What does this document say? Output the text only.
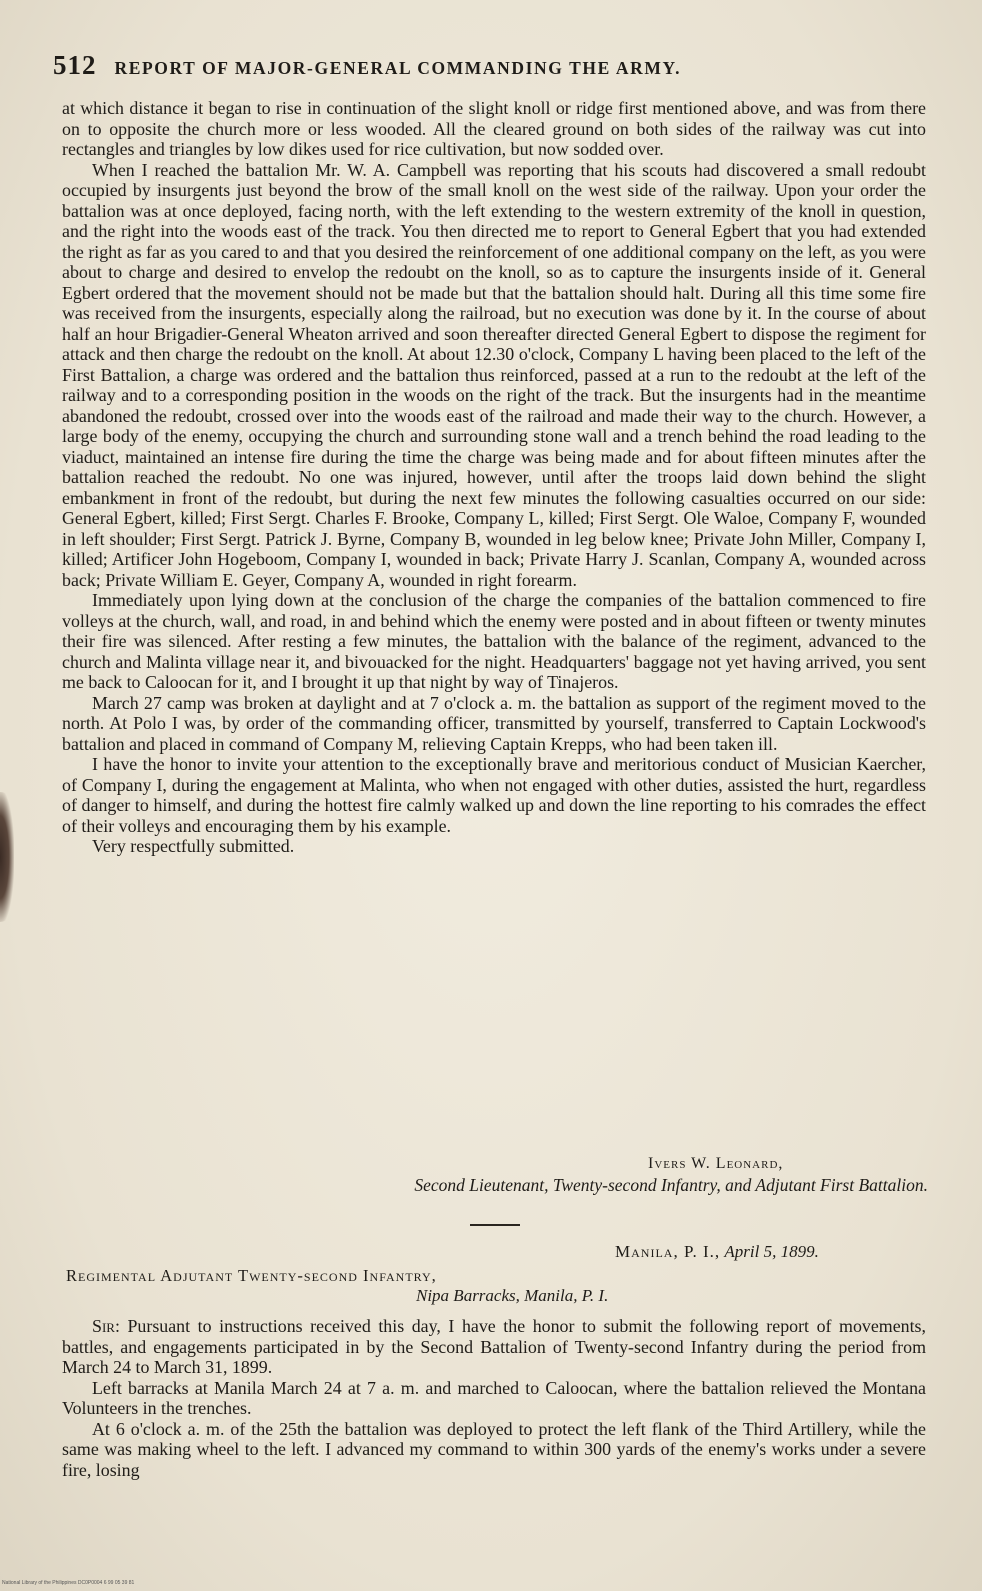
512 REPORT OF MAJOR-GENERAL COMMANDING THE ARMY.

at which distance it began to rise in continuation of the slight knoll or ridge first mentioned above, and was from there on to opposite the church more or less wooded. All the cleared ground on both sides of the railway was cut into rectangles and triangles by low dikes used for rice cultivation, but now sodded over.

When I reached the battalion Mr. W. A. Campbell was reporting that his scouts had discovered a small redoubt occupied by insurgents just beyond the brow of the small knoll on the west side of the railway. Upon your order the battalion was at once deployed, facing north, with the left extending to the western extremity of the knoll in question, and the right into the woods east of the track. You then directed me to report to General Egbert that you had extended the right as far as you cared to and that you desired the reinforcement of one additional company on the left, as you were about to charge and desired to envelop the redoubt on the knoll, so as to capture the insurgents inside of it. General Egbert ordered that the movement should not be made but that the battalion should halt. During all this time some fire was received from the insurgents, especially along the railroad, but no execution was done by it. In the course of about half an hour Brigadier-General Wheaton arrived and soon thereafter directed General Egbert to dispose the regiment for attack and then charge the redoubt on the knoll. At about 12.30 o'clock, Company L having been placed to the left of the First Battalion, a charge was ordered and the battalion thus reinforced, passed at a run to the redoubt at the left of the railway and to a corresponding position in the woods on the right of the track. But the insurgents had in the meantime abandoned the redoubt, crossed over into the woods east of the railroad and made their way to the church. However, a large body of the enemy, occupying the church and surrounding stone wall and a trench behind the road leading to the viaduct, maintained an intense fire during the time the charge was being made and for about fifteen minutes after the battalion reached the redoubt. No one was injured, however, until after the troops laid down behind the slight embankment in front of the redoubt, but during the next few minutes the following casualties occurred on our side: General Egbert, killed; First Sergt. Charles F. Brooke, Company L, killed; First Sergt. Ole Waloe, Company F, wounded in left shoulder; First Sergt. Patrick J. Byrne, Company B, wounded in leg below knee; Private John Miller, Company I, killed; Artificer John Hogeboom, Company I, wounded in back; Private Harry J. Scanlan, Company A, wounded across back; Private William E. Geyer, Company A, wounded in right forearm.

Immediately upon lying down at the conclusion of the charge the companies of the battalion commenced to fire volleys at the church, wall, and road, in and behind which the enemy were posted and in about fifteen or twenty minutes their fire was silenced. After resting a few minutes, the battalion with the balance of the regiment, advanced to the church and Malinta village near it, and bivouacked for the night. Headquarters' baggage not yet having arrived, you sent me back to Caloocan for it, and I brought it up that night by way of Tinajeros.

March 27 camp was broken at daylight and at 7 o'clock a. m. the battalion as support of the regiment moved to the north. At Polo I was, by order of the commanding officer, transmitted by yourself, transferred to Captain Lockwood's battalion and placed in command of Company M, relieving Captain Krepps, who had been taken ill.

I have the honor to invite your attention to the exceptionally brave and meritorious conduct of Musician Kaercher, of Company I, during the engagement at Malinta, who when not engaged with other duties, assisted the hurt, regardless of danger to himself, and during the hottest fire calmly walked up and down the line reporting to his comrades the effect of their volleys and encouraging them by his example.

Very respectfully submitted.

Ivers W. Leonard,
Second Lieutenant, Twenty-second Infantry, and Adjutant First Battalion.
Manila, P. I., April 5, 1899.
Regimental Adjutant Twenty-second Infantry,
Nipa Barracks, Manila, P. I.

Sir: Pursuant to instructions received this day, I have the honor to submit the following report of movements, battles, and engagements participated in by the Second Battalion of Twenty-second Infantry during the period from March 24 to March 31, 1899.

Left barracks at Manila March 24 at 7 a. m. and marched to Caloocan, where the battalion relieved the Montana Volunteers in the trenches.

At 6 o'clock a. m. of the 25th the battalion was deployed to protect the left flank of the Third Artillery, while the same was making wheel to the left. I advanced my command to within 300 yards of the enemy's works under a severe fire, losing

National Library of the Philippines DC0P0004 6 99 05 39 81
